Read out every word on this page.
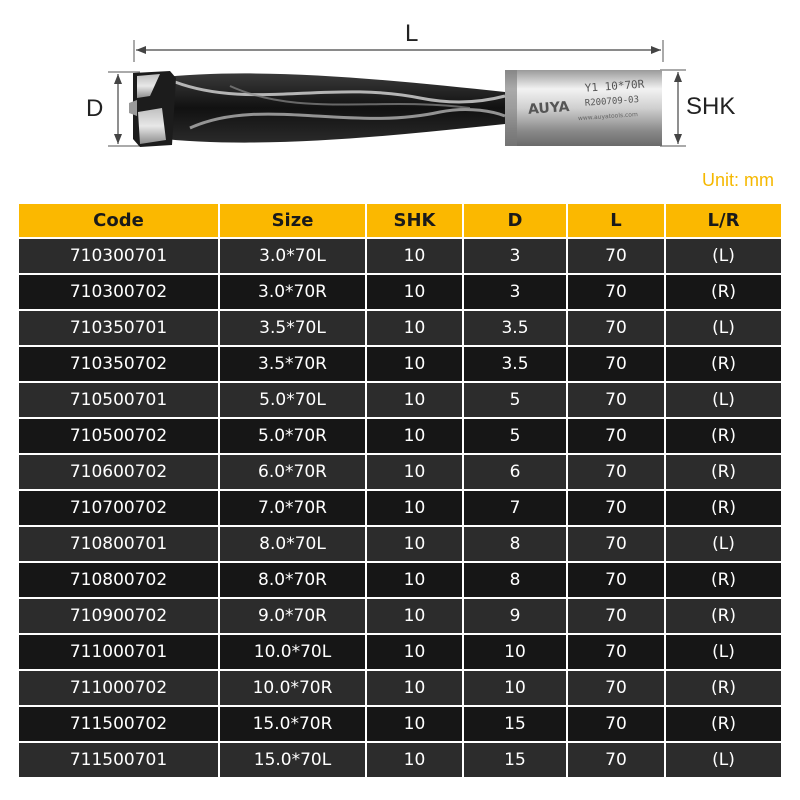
AUYA
Y1 10*70R
R200709-03
www.auyatools.com
L
D	SHK
Unit: mm
Code	Size	SHK	D	L	L/R
710300701	3.0*70L	10	3	70	(L)
710300702	3.0*70R	10	3	70	(R)
710350701	3.5*70L	10	3.5	70	(L)
710350702	3.5*70R	10	3.5	70	(R)
710500701	5.0*70L	10	5	70	(L)
710500702	5.0*70R	10	5	70	(R)
710600702	6.0*70R	10	6	70	(R)
710700702	7.0*70R	10	7	70	(R)
710800701	8.0*70L	10	8	70	(L)
710800702	8.0*70R	10	8	70	(R)
710900702	9.0*70R	10	9	70	(R)
711000701	10.0*70L	10	10	70	(L)
711000702	10.0*70R	10	10	70	(R)
711500702	15.0*70R	10	15	70	(R)
711500701	15.0*70L	10	15	70	(L)
